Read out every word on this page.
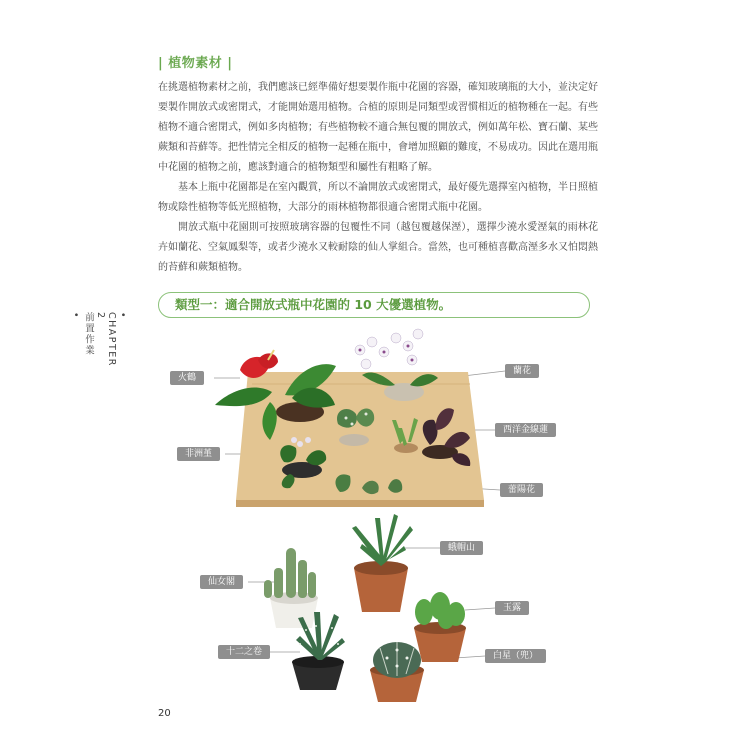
| 植物素材 |

在挑選植物素材之前，我們應該已經準備好想要製作瓶中花園的容器，確知玻璃瓶的大小，並決定好要製作開放式或密閉式，才能開始選用植物。合植的原則是同類型或習慣相近的植物種在一起。有些植物不適合密閉式，例如多肉植物；有些植物較不適合無包覆的開放式，例如萬年松、寶石蘭、某些蕨類和苔蘚等。把性情完全相反的植物一起種在瓶中，會增加照顧的難度，不易成功。因此在選用瓶中花園的植物之前，應該對適合的植物類型和屬性有粗略了解。

基本上瓶中花園都是在室內觀賞，所以不論開放式或密閉式，最好優先選擇室內植物，半日照植物或陰性植物等低光照植物，大部分的雨林植物都很適合密閉式瓶中花園。

開放式瓶中花園則可按照玻璃容器的包覆性不同（越包覆越保溼），選擇少澆水愛溼氣的雨林花卉如蘭花、空氣鳳梨等，或者少澆水又較耐陰的仙人掌組合。當然，也可種植喜歡高溼多水又怕悶熱的苔蘚和蕨類植物。

•
CHAPTER
2
前置作業
•
類型一：適合開放式瓶中花園的 10 大優選植物。
火鶴
蘭花
非洲堇
西洋金線蓮
蕾陽花
蛾帽山
仙女閣
玉露
十二之卷	白星（兜）
20
